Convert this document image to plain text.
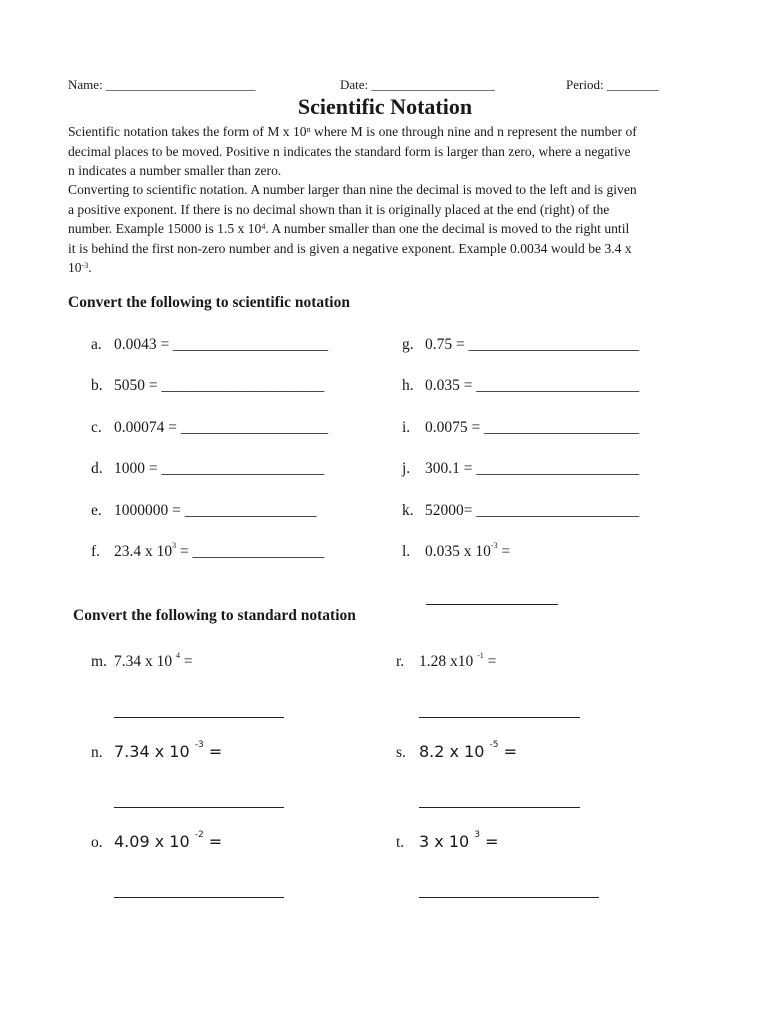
Name: _______________________	Date: ___________________	Period: ________
Scientific Notation
Scientific notation takes the form of M x 10$^n$ where M is one through nine and n represent the number of
decimal places to be moved. Positive n indicates the standard form is larger than zero, where a negative
n indicates a number smaller than zero.
Converting to scientific notation. A number larger than nine the decimal is moved to the left and is given
a positive exponent. If there is no decimal shown than it is originally placed at the end (right) of the
number. Example 15000 is 1.5 x $10^4$. A number smaller than one the decimal is moved to the right until
it is behind the first non-zero number and is given a negative exponent. Example 0.0034 would be 3.4 x
$10^{-3}$.
Convert the following to scientific notation
a. 0.0043 = ____________________
b. 5050 = _____________________
c. 0.00074 = ___________________
d. 1000 = _____________________
e. 1000000 = _________________
f. 23.4 x $10^3$ = _________________
g. 0.75 = ______________________
h. 0.035 = _____________________
i. 0.0075 = ____________________
j. 300.1 = _____________________
k. 52000= _____________________
l. 0.035 x $10^{-3}$ =
Convert the following to standard notation
m. 7.34 x 10 $^4$ =
n. 7.34 x 10 $^{-3}$ =
o. 4.09 x 10 $^{-2}$ =
r. 1.28 x10 $^{-1}$ =
s. 8.2 x 10 $^{-5}$ =
t. 3 x 10 $^3$ =
